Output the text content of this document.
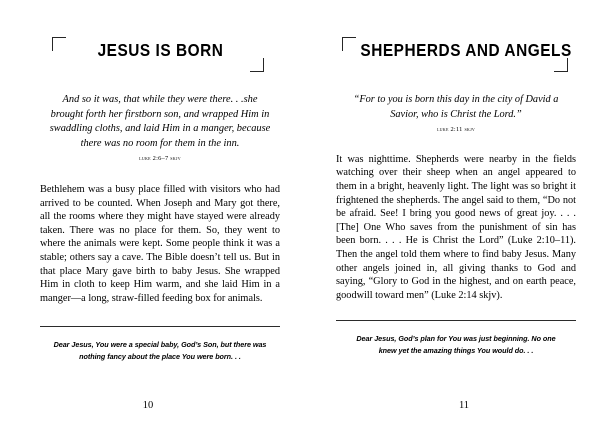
JESUS IS BORN
And so it was, that while they were there. . .she brought forth her firstborn son, and wrapped Him in swaddling cloths, and laid Him in a manger, because there was no room for them in the inn.
luke 2:6–7 skjv
Bethlehem was a busy place filled with visitors who had arrived to be counted. When Joseph and Mary got there, all the rooms where they might have stayed were already taken. There was no place for them. So, they went to where the animals were kept. Some people think it was a stable; others say a cave. The Bible doesn’t tell us. But in that place Mary gave birth to baby Jesus. She wrapped Him in cloth to keep Him warm, and she laid Him in a manger—a long, straw-filled feeding box for animals.
Dear Jesus, You were a special baby, God’s Son, but there was nothing fancy about the place You were born. . .
10
SHEPHERDS AND ANGELS
“For to you is born this day in the city of David a Savior, who is Christ the Lord.”
luke 2:11 skjv
It was nighttime. Shepherds were nearby in the fields watching over their sheep when an angel appeared to them in a bright, heavenly light. The light was so bright it frightened the shepherds. The angel said to them, “Do not be afraid. See! I bring you good news of great joy. . . . [The] One Who saves from the punishment of sin has been born. . . . He is Christ the Lord” (Luke 2:10–11). Then the angel told them where to find baby Jesus. Many other angels joined in, all giving thanks to God and saying, “Glory to God in the highest, and on earth peace, goodwill toward men” (Luke 2:14 skjv).
Dear Jesus, God’s plan for You was just beginning. No one knew yet the amazing things You would do. . .
11
